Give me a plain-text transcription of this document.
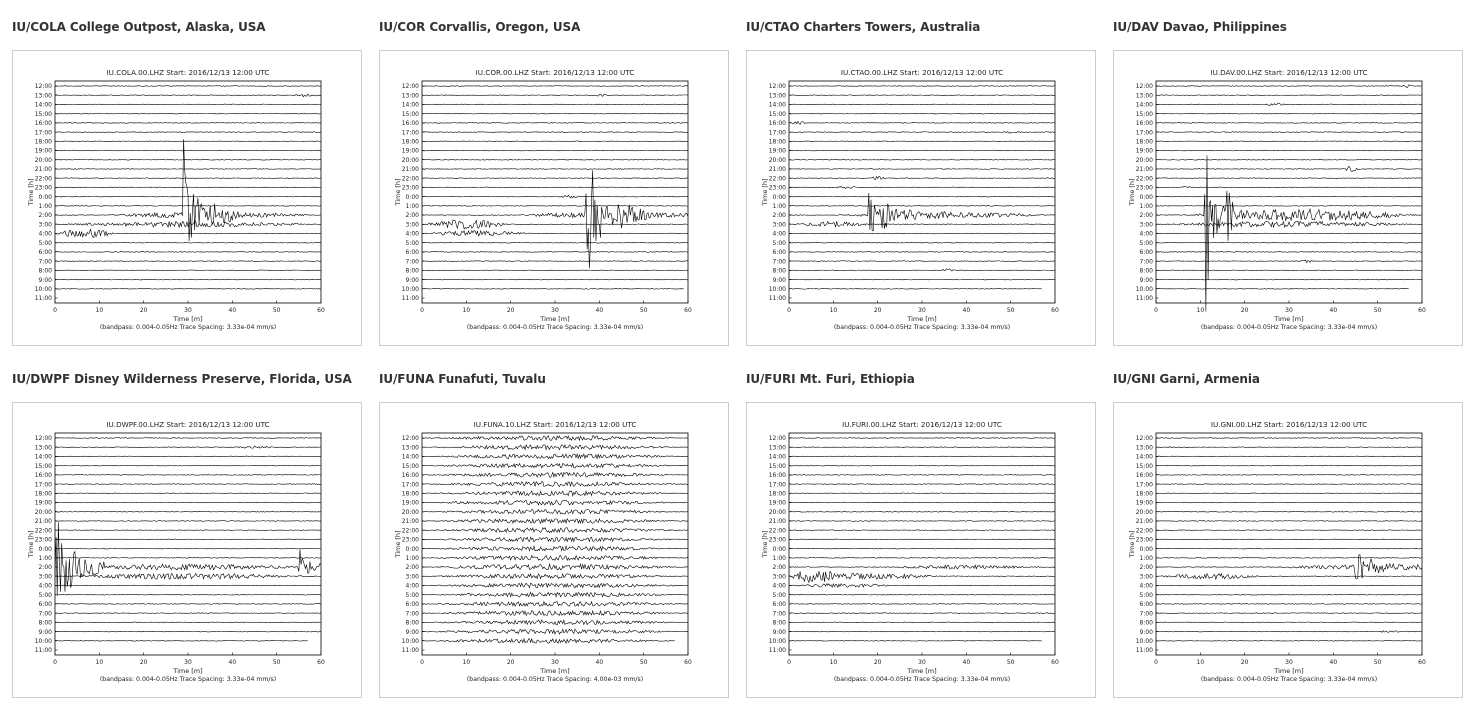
IU/COLA College Outpost, Alaska, USA
IU.COLA.00.LHZ Start: 2016/12/13 12:00 UTC
12:00
13:00
14:00
15:00
16:00
17:00
18:00
19:00
20:00
21:00
22:00
23:00
0:00
1:00
2:00
3:00
4:00
5:00
6:00
7:00
8:00
9:00
10:00
11:00
0	10	20	30	40	50	60
Time [h]
Time [m]
(bandpass: 0.004-0.05Hz Trace Spacing: 3.33e-04 mm/s)
IU/COR Corvallis, Oregon, USA
IU.COR.00.LHZ Start: 2016/12/13 12:00 UTC
12:00
13:00
14:00
15:00
16:00
17:00
18:00
19:00
20:00
21:00
22:00
23:00
0:00
1:00
2:00
3:00
4:00
5:00
6:00
7:00
8:00
9:00
10:00
11:00
0	10	20	30	40	50	60
Time [h]
Time [m]
(bandpass: 0.004-0.05Hz Trace Spacing: 3.33e-04 mm/s)
IU/CTAO Charters Towers, Australia
IU.CTAO.00.LHZ Start: 2016/12/13 12:00 UTC
12:00
13:00
14:00
15:00
16:00
17:00
18:00
19:00
20:00
21:00
22:00
23:00
0:00
1:00
2:00
3:00
4:00
5:00
6:00
7:00
8:00
9:00
10:00
11:00
0	10	20	30	40	50	60
Time [h]
Time [m]
(bandpass: 0.004-0.05Hz Trace Spacing: 3.33e-04 mm/s)
IU/DAV Davao, Philippines
IU.DAV.00.LHZ Start: 2016/12/13 12:00 UTC
12:00
13:00
14:00
15:00
16:00
17:00
18:00
19:00
20:00
21:00
22:00
23:00
0:00
1:00
2:00
3:00
4:00
5:00
6:00
7:00
8:00
9:00
10:00
11:00
0	10	20	30	40	50	60
Time [h]
Time [m]
(bandpass: 0.004-0.05Hz Trace Spacing: 3.33e-04 mm/s)
IU/DWPF Disney Wilderness Preserve, Florida, USA
IU.DWPF.00.LHZ Start: 2016/12/13 12:00 UTC
12:00
13:00
14:00
15:00
16:00
17:00
18:00
19:00
20:00
21:00
22:00
23:00
0:00
1:00
2:00
3:00
4:00
5:00
6:00
7:00
8:00
9:00
10:00
11:00
0	10	20	30	40	50	60
Time [h]
Time [m]
(bandpass: 0.004-0.05Hz Trace Spacing: 3.33e-04 mm/s)
IU/FUNA Funafuti, Tuvalu
IU.FUNA.10.LHZ Start: 2016/12/13 12:00 UTC
12:00
13:00
14:00
15:00
16:00
17:00
18:00
19:00
20:00
21:00
22:00
23:00
0:00
1:00
2:00
3:00
4:00
5:00
6:00
7:00
8:00
9:00
10:00
11:00
0	10	20	30	40	50	60
Time [h]
Time [m]
(bandpass: 0.004-0.05Hz Trace Spacing: 4.00e-03 mm/s)
IU/FURI Mt. Furi, Ethiopia
IU.FURI.00.LHZ Start: 2016/12/13 12:00 UTC
12:00
13:00
14:00
15:00
16:00
17:00
18:00
19:00
20:00
21:00
22:00
23:00
0:00
1:00
2:00
3:00
4:00
5:00
6:00
7:00
8:00
9:00
10:00
11:00
0	10	20	30	40	50	60
Time [h]
Time [m]
(bandpass: 0.004-0.05Hz Trace Spacing: 3.33e-04 mm/s)
IU/GNI Garni, Armenia
IU.GNI.00.LHZ Start: 2016/12/13 12:00 UTC
12:00
13:00
14:00
15:00
16:00
17:00
18:00
19:00
20:00
21:00
22:00
23:00
0:00
1:00
2:00
3:00
4:00
5:00
6:00
7:00
8:00
9:00
10:00
11:00
0	10	20	30	40	50	60
Time [h]
Time [m]
(bandpass: 0.004-0.05Hz Trace Spacing: 3.33e-04 mm/s)
